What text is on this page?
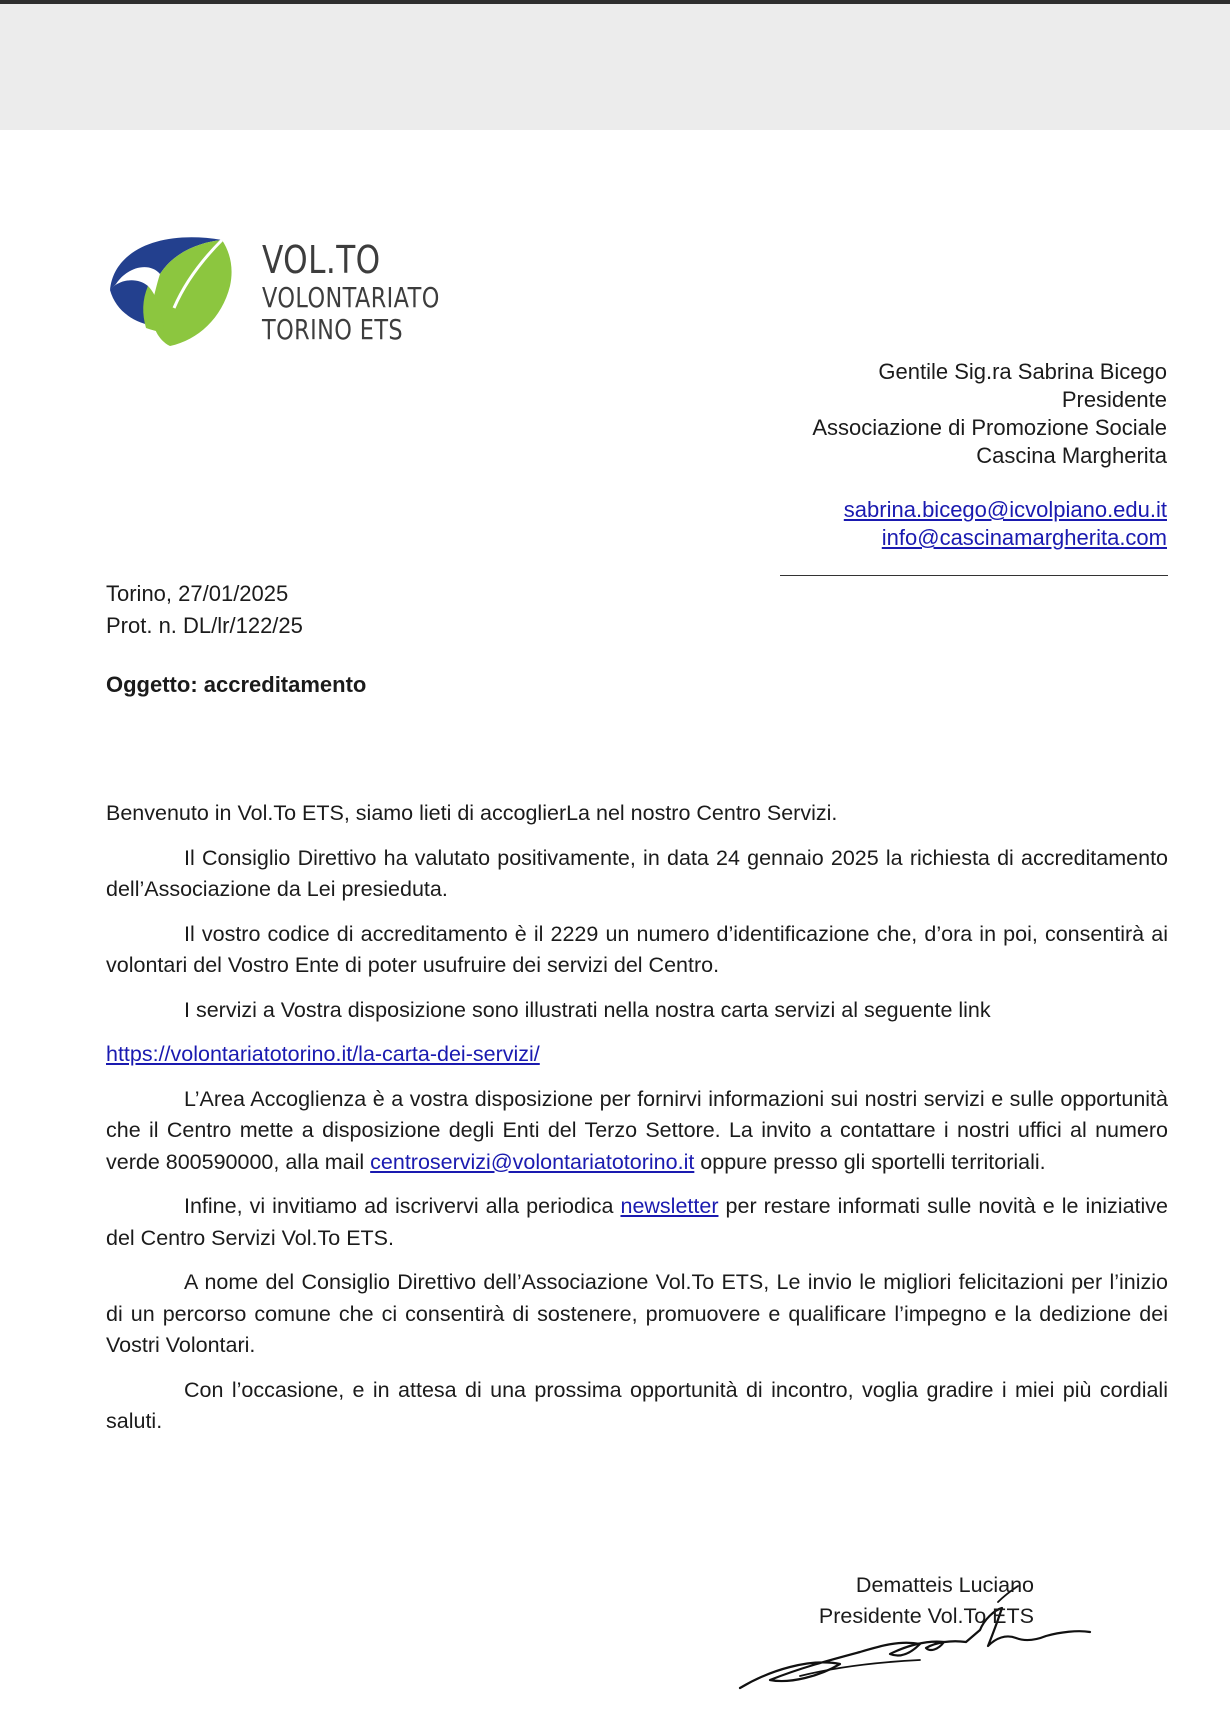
VOL.TO
VOLONTARIATO
TORINO ETS
Gentile Sig.ra Sabrina Bicego
Presidente
Associazione di Promozione Sociale
Cascina Margherita
sabrina.bicego@icvolpiano.edu.it
info@cascinamargherita.com
Torino, 27/01/2025
Prot. n. DL/lr/122/25
Oggetto: accreditamento

Benvenuto in Vol.To ETS, siamo lieti di accoglierLa nel nostro Centro Servizi.

Il Consiglio Direttivo ha valutato positivamente, in data 24 gennaio 2025 la richiesta di accreditamento dell’Associazione da Lei presieduta.

Il vostro codice di accreditamento è il 2229 un numero d’identificazione che, d’ora in poi, consentirà ai volontari del Vostro Ente di poter usufruire dei servizi del Centro.

I servizi a Vostra disposizione sono illustrati nella nostra carta servizi al seguente link

https://volontariatotorino.it/la-carta-dei-servizi/

L’Area Accoglienza è a vostra disposizione per fornirvi informazioni sui nostri servizi e sulle opportunità che il Centro mette a disposizione degli Enti del Terzo Settore. La invito a contattare i nostri uffici al numero verde 800590000, alla mail centroservizi@volontariatotorino.it oppure presso gli sportelli territoriali.

Infine, vi invitiamo ad iscrivervi alla periodica newsletter per restare informati sulle novità e le iniziative del Centro Servizi Vol.To ETS.

A nome del Consiglio Direttivo dell’Associazione Vol.To ETS, Le invio le migliori felicitazioni per l’inizio di un percorso comune che ci consentirà di sostenere, promuovere e qualificare l’impegno e la dedizione dei Vostri Volontari.

Con l’occasione, e in attesa di una prossima opportunità di incontro, voglia gradire i miei più cordiali saluti.

Dematteis Luciano
Presidente Vol.To ETS
